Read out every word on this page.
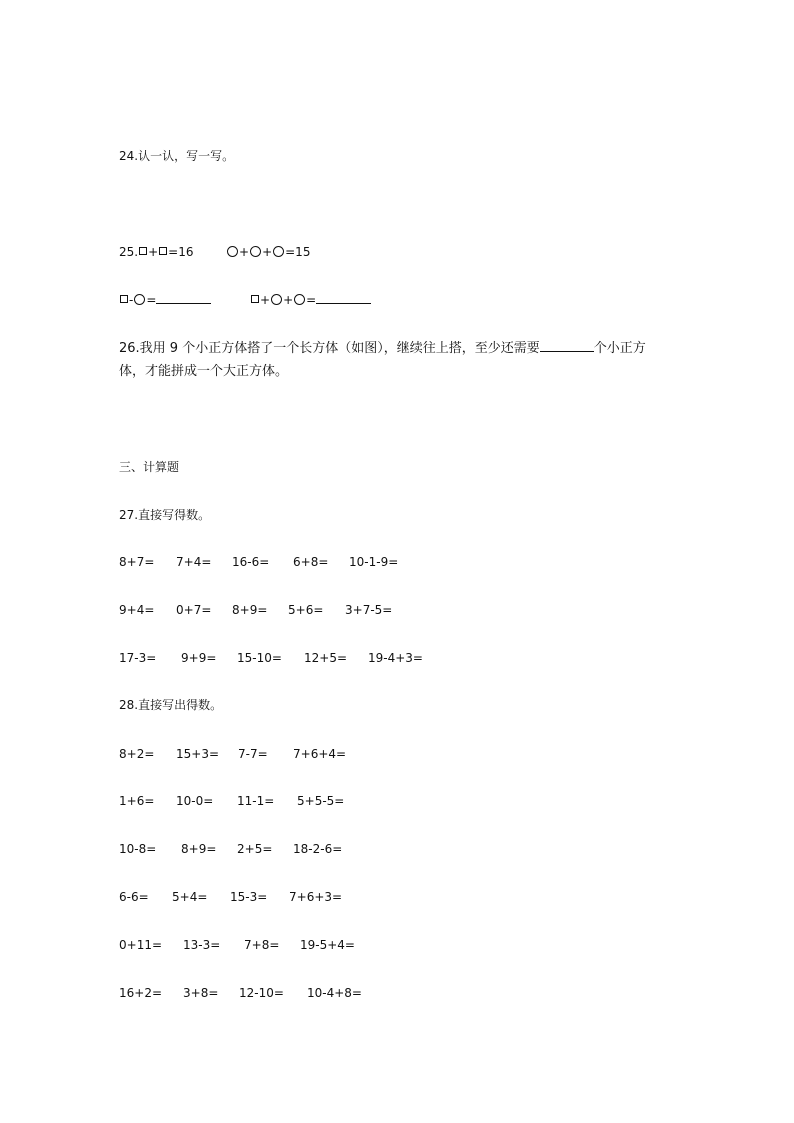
24.认一认，写一写。
25. + =16	+ + =15
- =	+ + =
26.我用 9 个小正方体搭了一个长方体（如图），继续往上搭，至少还需要	个小正方
体，才能拼成一个大正方体。
三、计算题
27.直接写得数。
8+7= 7+4= 16-6= 6+8= 10-1-9=
9+4= 0+7= 8+9= 5+6= 3+7-5=
17-3= 9+9= 15-10= 12+5= 19-4+3=
28.直接写出得数。
8+2= 15+3= 7-7= 7+6+4=
1+6= 10-0= 11-1= 5+5-5=
10-8= 8+9= 2+5= 18-2-6=
6-6= 5+4= 15-3= 7+6+3=
0+11= 13-3= 7+8= 19-5+4=
16+2= 3+8= 12-10= 10-4+8=
